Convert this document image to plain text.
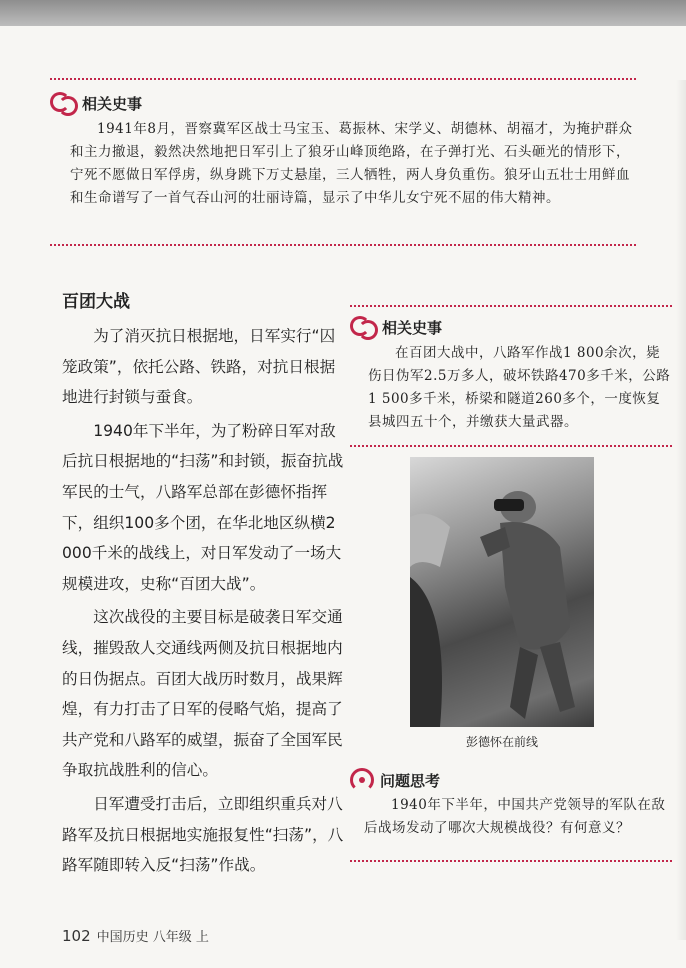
相关史事

1941年8月，晋察冀军区战士马宝玉、葛振林、宋学义、胡德林、胡福才，为掩护群众和主力撤退，毅然决然地把日军引上了狼牙山峰顶绝路，在子弹打光、石头砸光的情形下，宁死不愿做日军俘虏，纵身跳下万丈悬崖，三人牺牲，两人身负重伤。狼牙山五壮士用鲜血和生命谱写了一首气吞山河的壮丽诗篇，显示了中华儿女宁死不屈的伟大精神。

百团大战

为了消灭抗日根据地，日军实行“囚笼政策”，依托公路、铁路，对抗日根据地进行封锁与蚕食。

1940年下半年，为了粉碎日军对敌后抗日根据地的“扫荡”和封锁，振奋抗战军民的士气，八路军总部在彭德怀指挥下，组织100多个团，在华北地区纵横2 000千米的战线上，对日军发动了一场大规模进攻，史称“百团大战”。

这次战役的主要目标是破袭日军交通线，摧毁敌人交通线两侧及抗日根据地内的日伪据点。百团大战历时数月，战果辉煌，有力打击了日军的侵略气焰，提高了共产党和八路军的威望，振奋了全国军民争取抗战胜利的信心。

日军遭受打击后，立即组织重兵对八路军及抗日根据地实施报复性“扫荡”，八路军随即转入反“扫荡”作战。

相关史事

在百团大战中，八路军作战1 800余次，毙伤日伪军2.5万多人，破坏铁路470多千米，公路1 500多千米，桥梁和隧道260多个，一度恢复县城四五十个，并缴获大量武器。

彭德怀在前线
问题思考

1940年下半年，中国共产党领导的军队在敌后战场发动了哪次大规模战役？有何意义？

102 中国历史 八年级 上
